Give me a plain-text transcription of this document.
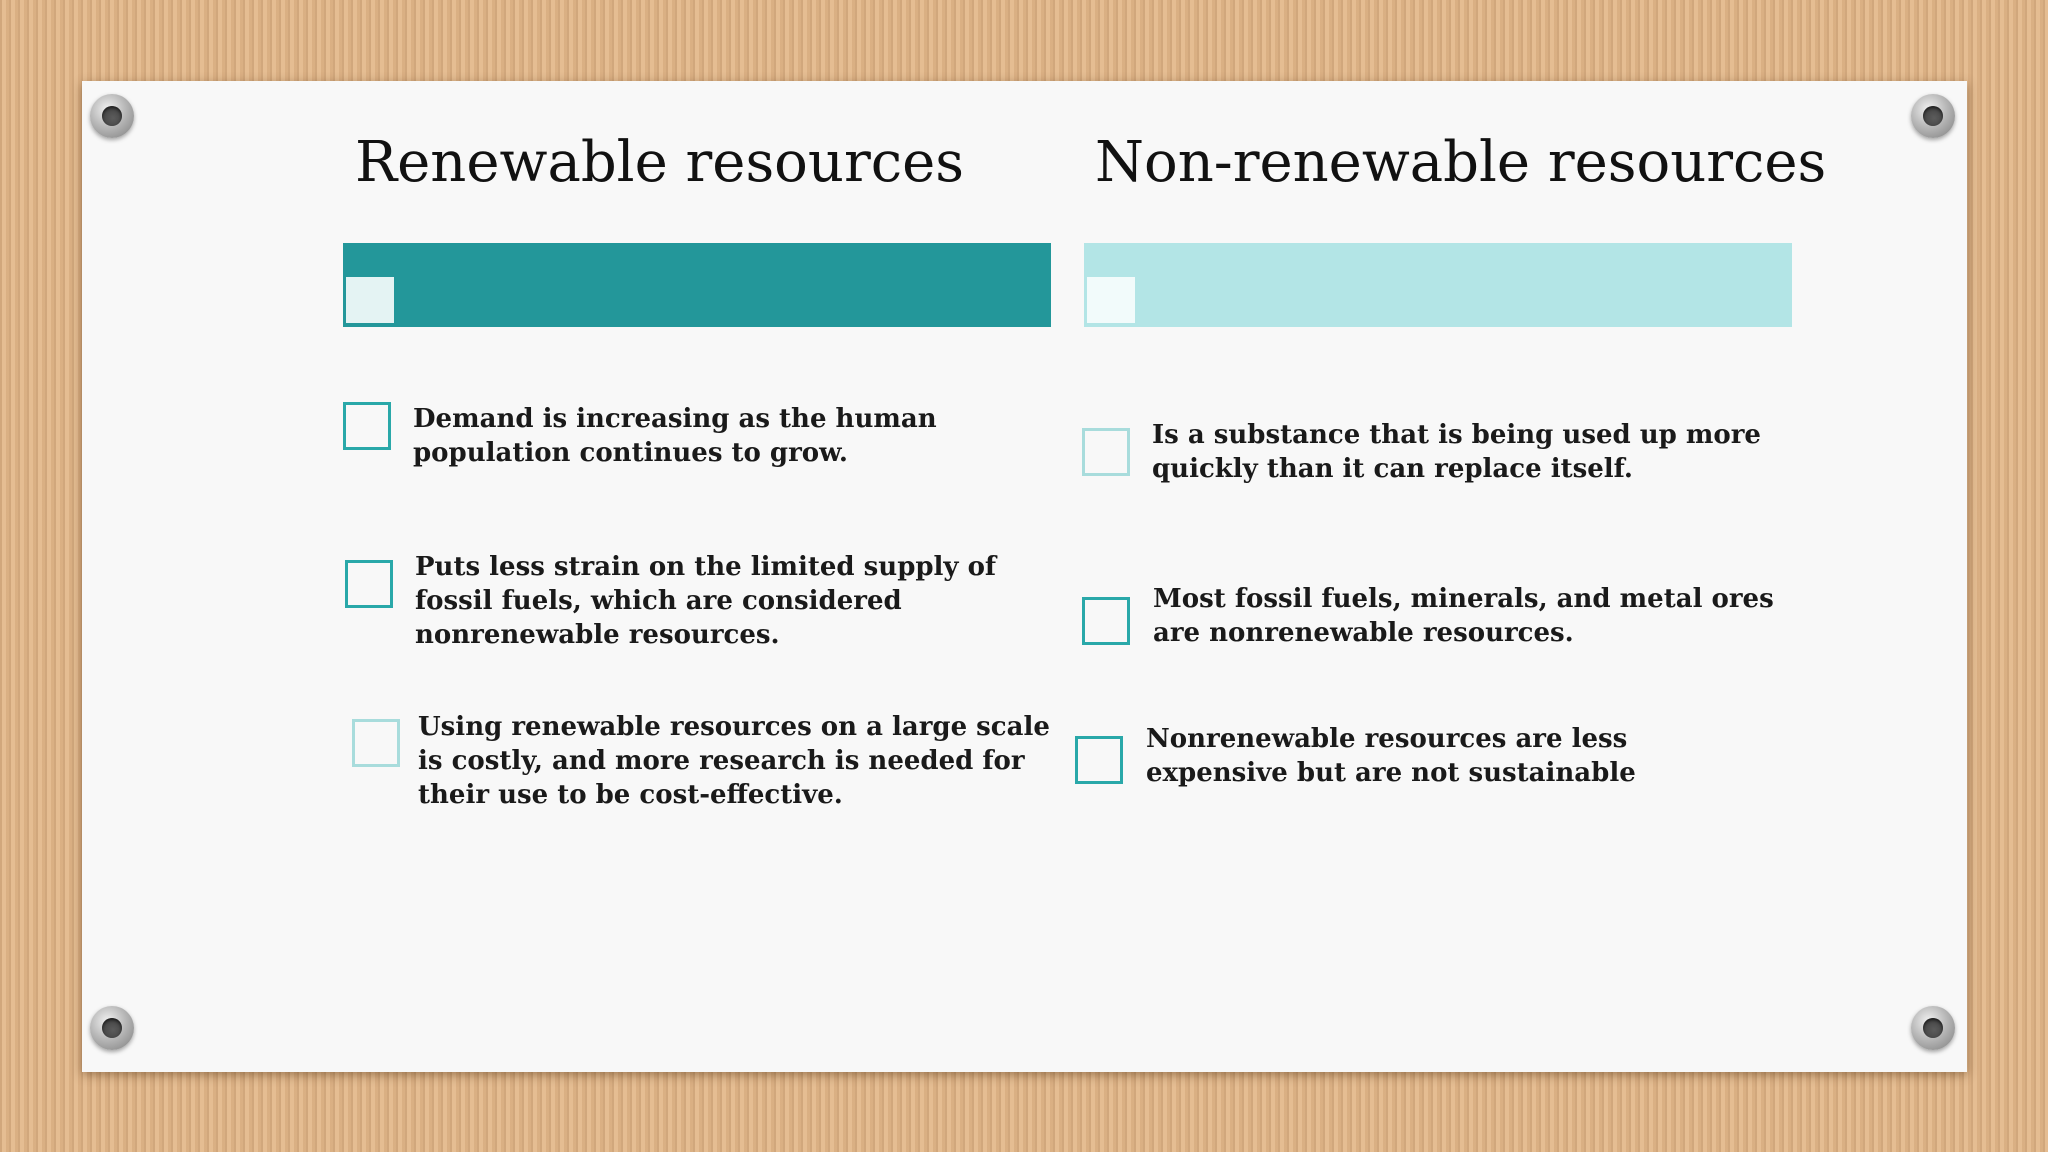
Renewable resources Non-renewable resources
Demand is increasing as the human population continues to grow.
Puts less strain on the limited supply of fossil fuels, which are considered nonrenewable resources.
Using renewable resources on a large scale is costly, and more research is needed for their use to be cost-effective.
Is a substance that is being used up more quickly than it can replace itself.
Most fossil fuels, minerals, and metal ores are nonrenewable resources.
Nonrenewable resources are less expensive but are not sustainable
